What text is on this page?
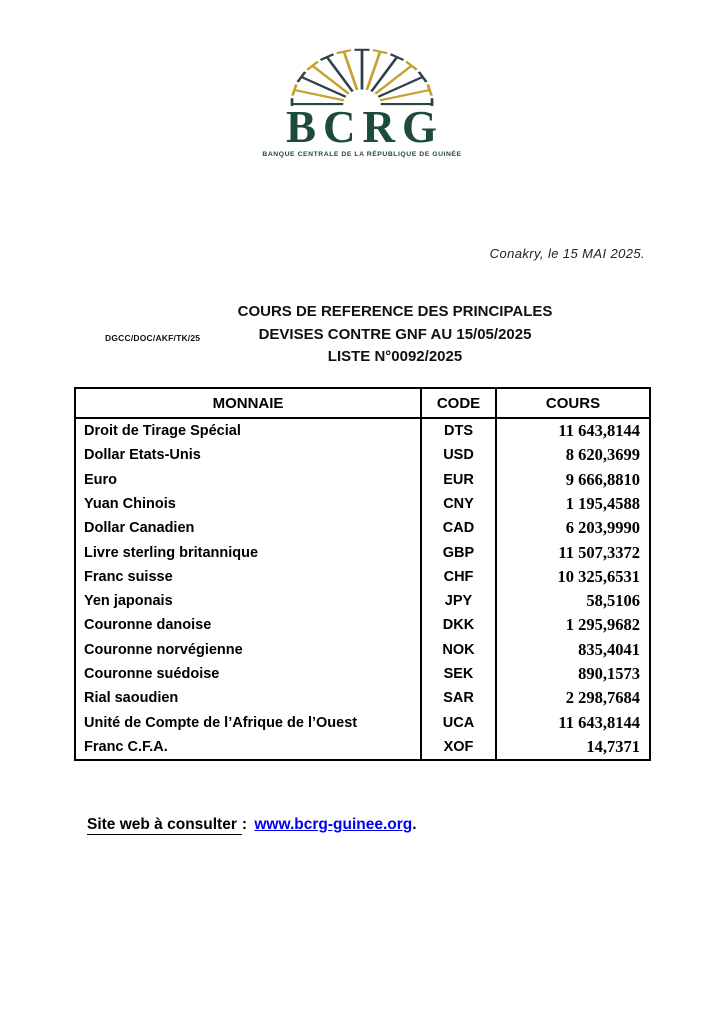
BCRG
BANQUE CENTRALE DE LA RÉPUBLIQUE DE GUINÉE
Conakry, le 15 MAI 2025.
DGCC/DOC/AKF/TK/25
COURS DE REFERENCE DES PRINCIPALES
DEVISES CONTRE GNF AU 15/05/2025
LISTE N°0092/2025
MONNAIE	CODE	COURS
Droit de Tirage Spécial	DTS	11 643,8144
Dollar Etats-Unis	USD	8 620,3699
Euro	EUR	9 666,8810
Yuan Chinois	CNY	1 195,4588
Dollar Canadien	CAD	6 203,9990
Livre sterling britannique	GBP	11 507,3372
Franc suisse	CHF	10 325,6531
Yen japonais	JPY	58,5106
Couronne danoise	DKK	1 295,9682
Couronne norvégienne	NOK	835,4041
Couronne suédoise	SEK	890,1573
Rial saoudien	SAR	2 298,7684
Unité de Compte de l’Afrique de l’Ouest	UCA	11 643,8144
Franc C.F.A.	XOF	14,7371
Site web à consulter : www.bcrg-guinee.org.
